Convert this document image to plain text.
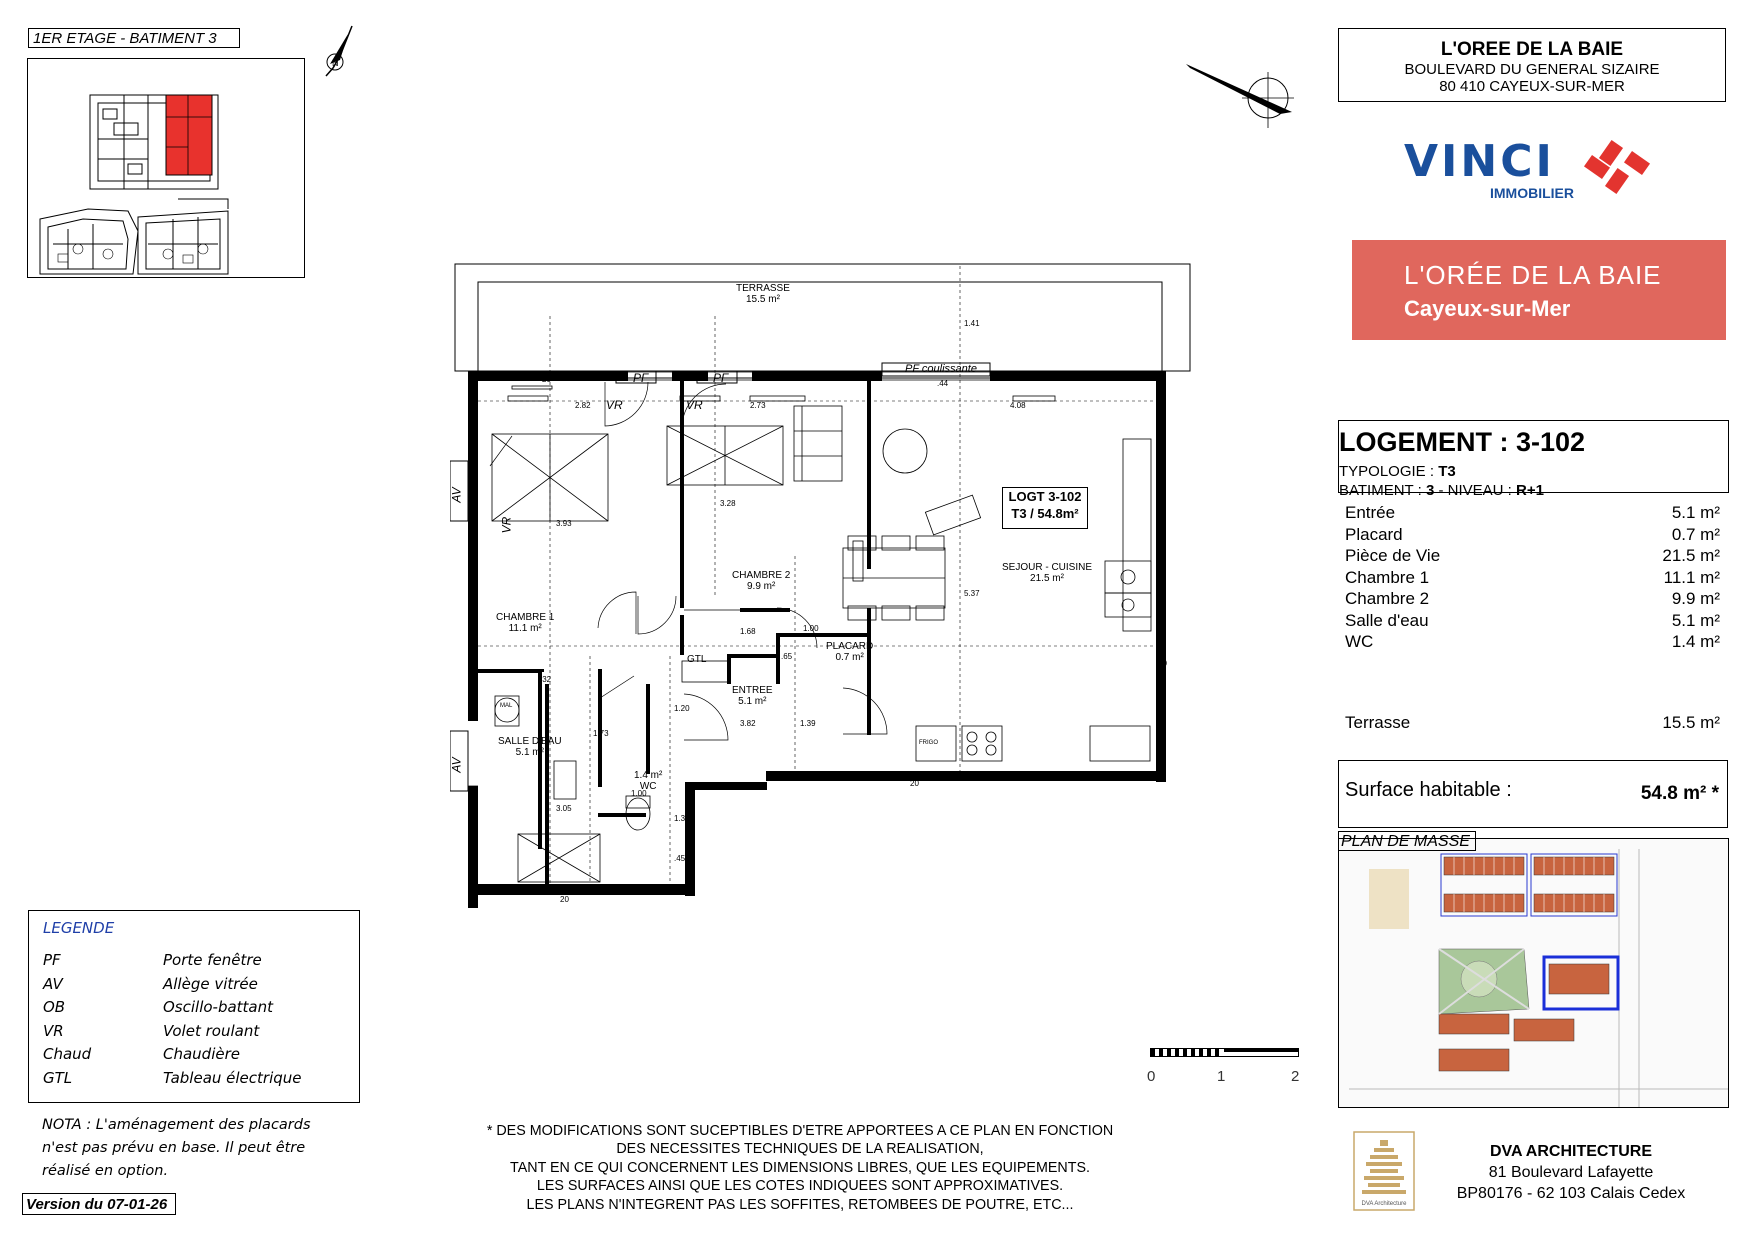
1ER ETAGE - BATIMENT 3
N
L'OREE DE LA BAIE
BOULEVARD DU GENERAL SIZAIRE
80 410 CAYEUX-SUR-MER
VINCI
IMMOBILIER
L'ORÉE DE LA BAIE
Cayeux-sur-Mer
LOGEMENT : 3-102
TYPOLOGIE : T3
BATIMENT : 3 - NIVEAU : R+1
Entrée	5.1 m²
Placard	0.7 m²
Pièce de Vie	21.5 m²
Chambre 1	11.1 m²
Chambre 2	9.9 m²
Salle d'eau	5.1 m²
WC	1.4 m²
Terrasse	15.5 m²
Surface habitable :	54.8 m² *
PLAN DE MASSE
2.82	2.73	4.08
3.93
3.28
5.37
1.41
1.68	1.00
1.39
3.82
1.73
1.20
3.05
1.35
1.00
.65
.45
.32
.44
20
20
20
20
TERRASSE
15.5 m²
CHAMBRE 1
11.1 m²
CHAMBRE 2
9.9 m²
SEJOUR - CUISINE
21.5 m²
ENTREE
5.1 m²
PLACARD
0.7 m²
SALLE D'EAU
5.1 m²
1.4 m²
WC
LOGT 3-102
T3 / 54.8m²
PF	PF
PF coulissante
VR	VR
VR
AV
AV
GTL
FRIGO
MAL
LEGENDE
PF	Porte fenêtre
AV	Allège vitrée
OB	Oscillo-battant
VR	Volet roulant
Chaud	Chaudière
GTL	Tableau électrique
NOTA : L'aménagement des placards
n'est pas prévu en base. Il peut être
réalisé en option.
Version du 07-01-26
* DES MODIFICATIONS SONT SUCEPTIBLES D'ETRE APPORTEES A CE PLAN EN FONCTION
DES NECESSITES TECHNIQUES DE LA REALISATION,
TANT EN CE QUI CONCERNENT LES DIMENSIONS LIBRES, QUE LES EQUIPEMENTS.
LES SURFACES AINSI QUE LES COTES INDIQUEES SONT APPROXIMATIVES.
LES PLANS N'INTEGRENT PAS LES SOFFITES, RETOMBEES DE POUTRE, ETC...
0	1	2
DVA Architecture
DVA ARCHITECTURE
81 Boulevard Lafayette
BP80176 - 62 103 Calais Cedex
